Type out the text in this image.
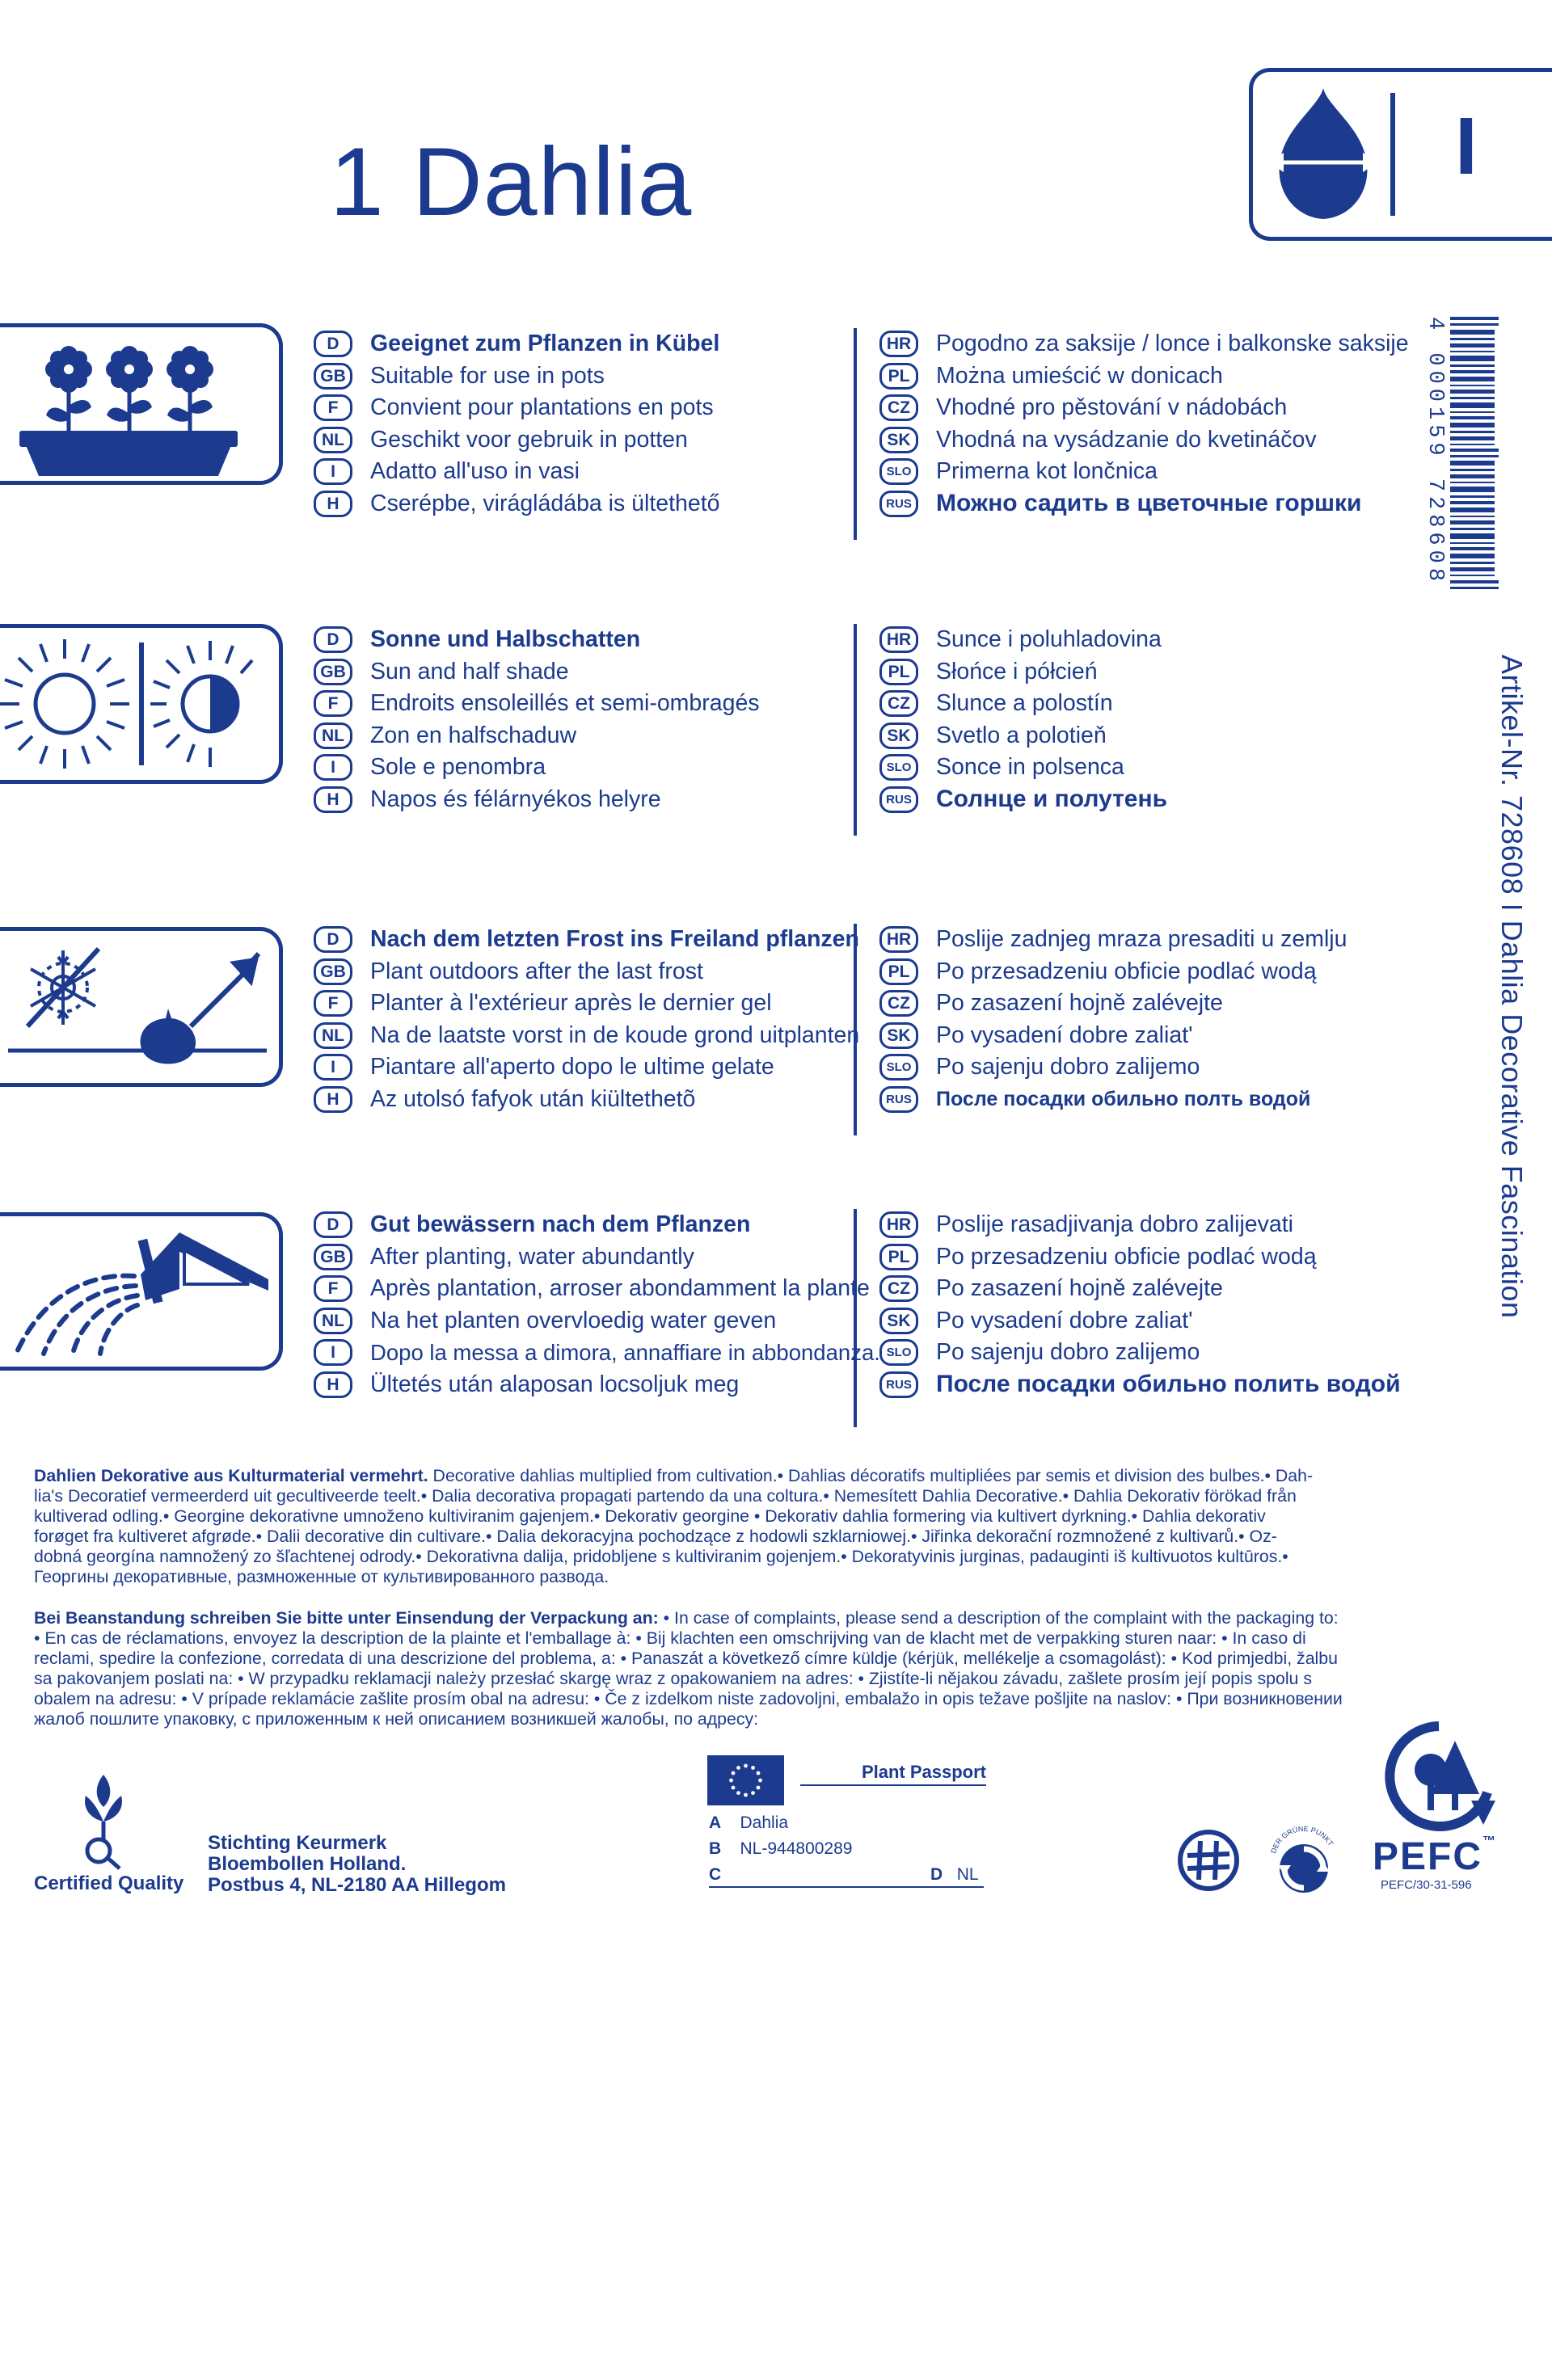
1 Dahlia	I
D	Geeignet zum Pflanzen in Kübel
GB Suitable for use in pots
F	Convient pour plantations en pots
NL	Geschikt voor gebruik in potten
I	Adatto all'uso in vasi
H	Cserépbe, virágládába is ültethető
HR	Pogodno za saksije / lonce i balkonske saksije
PL	Można umieścić w donicach
CZ	Vhodné pro pěstování v nádobách
SK	Vhodná na vysádzanie do kvetináčov
SLO	Primerna kot lončnica
RUS Можно садить в цветочные горшки
D	Sonne und Halbschatten
GB Sun and half shade
F	Endroits ensoleillés et semi-ombragés
NL	Zon en halfschaduw
I	Sole e penombra
H	Napos és félárnyékos helyre
HR	Sunce i poluhladovina
PL	Słońce i półcień
CZ	Slunce a polostín
SK	Svetlo a polotieň
SLO	Sonce in polsenca
RUS Солнце и полутень
D	Nach dem letzten Frost ins Freiland pflanzen
GB Plant outdoors after the last frost
F	Planter à l'extérieur après le dernier gel
NL	Na de laatste vorst in de koude grond uitplanten
I	Piantare all'aperto dopo le ultime gelate
H	Az utolsó fafyok után kiültethetõ
HR	Poslije zadnjeg mraza presaditi u zemlju
PL	Po przesadzeniu obficie podlać wodą
CZ	Po zasazení hojně zalévejte
SK	Po vysadení dobre zaliat'
SLO	Po sajenju dobro zalijemo
RUS	После посадки обильно полть водой
D	Gut bewässern nach dem Pflanzen
GB After planting, water abundantly
F	Après plantation, arroser abondamment la plante
NL	Na het planten overvloedig water geven
I	Dopo la messa a dimora, annaffiare in abbondanza.
H	Ültetés után alaposan locsoljuk meg
HR	Poslije rasadjivanja dobro zalijevati
PL	Po przesadzeniu obficie podlać wodą
CZ	Po zasazení hojně zalévejte
SK	Po vysadení dobre zaliat'
SLO	Po sajenju dobro zalijemo
RUS После посадки обильно полить водой
4 000159 728608
Artikel-Nr. 728608 I Dahlia Decorative Fascination
Dahlien Dekorative aus Kulturmaterial vermehrt. Decorative dahlias multiplied from cultivation.• Dahlias décoratifs multipliées par semis et division des bulbes.• Dah-
lia's Decoratief vermeerderd uit gecultiveerde teelt.• Dalia decorativa propagati partendo da una coltura.• Nemesített Dahlia Decorative.• Dahlia Dekorativ förökad från
kultiverad odling.• Georgine dekorativne umnoženo kultiviranim gajenjem.• Dekorativ georgine • Dekorativ dahlia formering via kultivert dyrkning.• Dahlia dekorativ
forøget fra kultiveret afgrøde.• Dalii decorative din cultivare.• Dalia dekoracyjna pochodzące z hodowli szklarniowej.• Jiřinka dekorační rozmnožené z kultivarů.• Oz-
dobná georgína namnožený zo šľachtenej odrody.• Dekorativna dalija, pridobljene s kultiviranim gojenjem.• Dekoratyvinis jurginas, padauginti iš kultivuotos kultūros.•
Георгины декоративные, размноженные от культивированного развода.
Bei Beanstandung schreiben Sie bitte unter Einsendung der Verpackung an: • In case of complaints, please send a description of the complaint with the packaging to:
• En cas de réclamations, envoyez la description de la plainte et l'emballage à: • Bij klachten een omschrijving van de klacht met de verpakking sturen naar: • In caso di
reclami, spedire la confezione, corredata di una descrizione del problema, a: • Panaszát a következő címre küldje (kérjük, mellékelje a csomagolást): • Kod primjedbi, žalbu
sa pakovanjem poslati na: • W przypadku reklamacji należy przesłać skargę wraz z opakowaniem na adres: • Zjistíte-li nějakou závadu, zašlete prosím její popis spolu s
obalem na adresu: • V prípade reklamácie zašlite prosím obal na adresu: • Če z izdelkom niste zadovoljni, embalažo in opis težave pošljite na naslov: • При возникновении
жалоб пошлите упаковку, с приложенным к ней описанием возникшей жалобы, по адресу:
Certified Quality
Stichting Keurmerk
Bloembollen Holland.
Postbus 4, NL-2180 AA Hillegom
Plant Passport
A Dahlia
B NL-944800289
C	D NL
DER GRÜNE PUNKT PEFC™
PEFC/30-31-596
